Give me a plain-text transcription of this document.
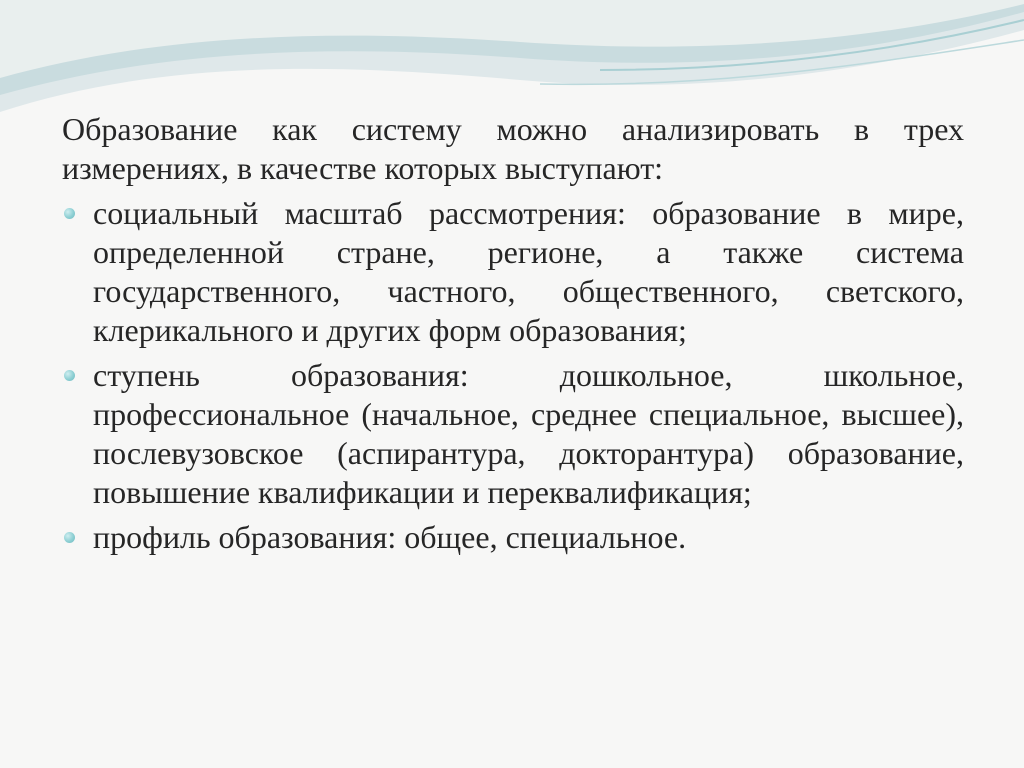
Образование как систему можно анализировать в трех измерениях, в качестве которых выступают:

социальный масштаб рассмотрения: образование в мире, определенной стране, регионе, а также система государственного, частного, общественного, светского, клерикального и других форм образования;
ступень образования: дошкольное, школьное, профессиональное (начальное, среднее специальное, высшее), послевузовское (аспирантура, докторантура) образование, повышение квалификации и переквалификация;
профиль образования: общее, специальное.
